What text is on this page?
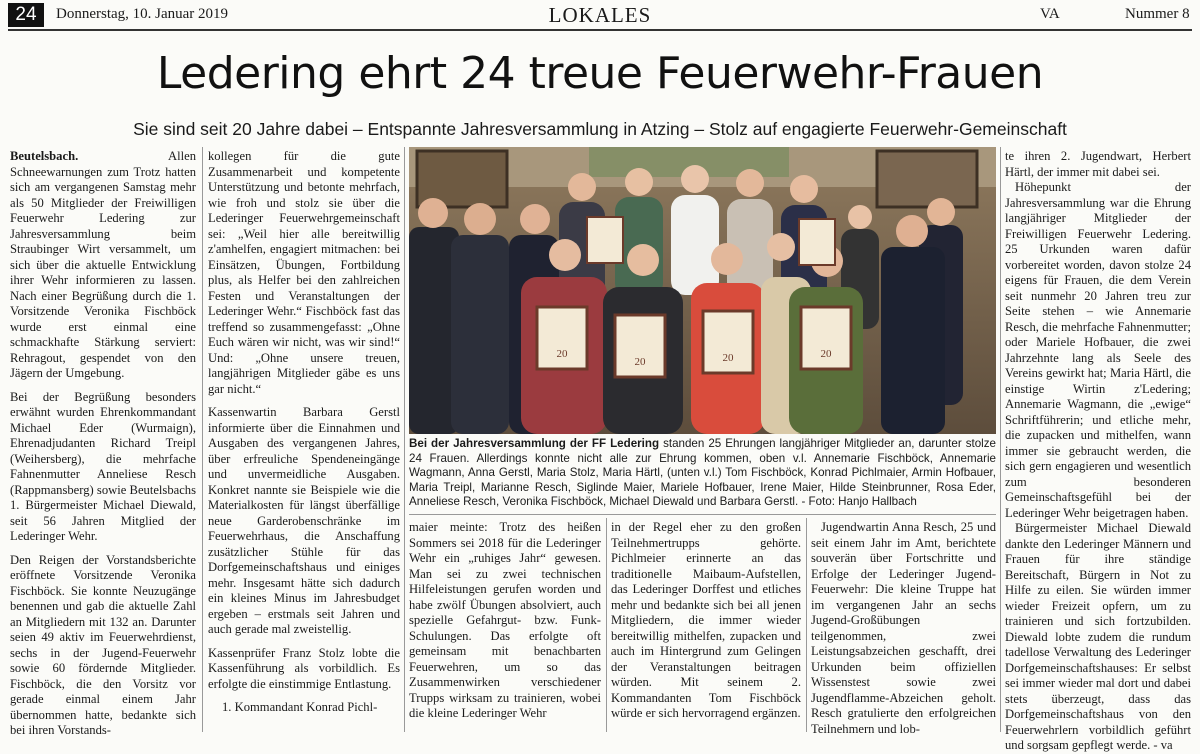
24	Donnerstag, 10. Januar 2019	LOKALES	VA	Nummer 8
Ledering ehrt 24 treue Feuerwehr-Frauen
Sie sind seit 20 Jahre dabei – Entspannte Jahresversammlung in Atzing – Stolz auf engagierte Feuerwehr-Gemeinschaft

Beutelsbach. Allen Schneewarnungen zum Trotz hatten sich am vergangenen Samstag mehr als 50 Mitglieder der Freiwilligen Feuerwehr Ledering zur Jahresversammlung beim Straubinger Wirt versammelt, um sich über die aktuelle Entwicklung ihrer Wehr informieren zu lassen. Nach einer Begrüßung durch die 1. Vorsitzende Veronika Fischböck wurde erst einmal eine schmackhafte Stärkung serviert: Rehragout, gespendet von den Jägern der Umgebung.

Bei der Begrüßung besonders erwähnt wurden Ehrenkommandant Michael Eder (Wurmaign), Ehrenadjudanten Richard Treipl (Weihersberg), die mehrfache Fahnenmutter Anneliese Resch (Rappmansberg) sowie Beutelsbachs 1. Bürgermeister Michael Diewald, seit 56 Jahren Mitglied der Lederinger Wehr.

Den Reigen der Vorstandsberichte eröffnete Vorsitzende Veronika Fischböck. Sie konnte Neuzugänge benennen und gab die aktuelle Zahl an Mitgliedern mit 132 an. Darunter seien 49 aktiv im Feuerwehrdienst, sechs in der Jugend-Feuerwehr sowie 60 fördernde Mitglieder. Fischböck, die den Vorsitz vor gerade einmal einem Jahr übernommen hatte, bedankte sich bei ihren Vorstands-

kollegen für die gute Zusammenarbeit und kompetente Unterstützung und betonte mehrfach, wie froh und stolz sie über die Lederinger Feuerwehrgemeinschaft sei: „Weil hier alle bereitwillig z'amhelfen, engagiert mitmachen: bei Einsätzen, Übungen, Fortbildung plus, als Helfer bei den zahlreichen Festen und Veranstaltungen der Lederinger Wehr.“ Fischböck fast das treffend so zusammengefasst: „Ohne Euch wären wir nicht, was wir sind!“ Und: „Ohne unsere treuen, langjährigen Mitglieder gäbe es uns gar nicht.“

Kassenwartin Barbara Gerstl informierte über die Einnahmen und Ausgaben des vergangenen Jahres, über erfreuliche Spendeneingänge und unvermeidliche Ausgaben. Konkret nannte sie Beispiele wie die Materialkosten für längst überfällige neue Garderobenschränke im Feuerwehrhaus, die Anschaffung zusätzlicher Stühle für das Dorfgemeinschaftshaus und einiges mehr. Insgesamt hätte sich dadurch ein kleines Minus im Jahresbudget ergeben – erstmals seit Jahren und auch gerade mal zweistellig.

Kassenprüfer Franz Stolz lobte die Kassenführung als vorbildlich. Es erfolgte die einstimmige Entlastung.

1. Kommandant Konrad Pichl-

20
20	20	20
Bei der Jahresversammlung der FF Ledering standen 25 Ehrungen langjähriger Mitglieder an, darunter stolze 24 Frauen. Allerdings konnte nicht alle zur Ehrung kommen, oben v.l. Annemarie Fischböck, Annemarie Wagmann, Anna Gerstl, Maria Stolz, Maria Härtl, (unten v.l.) Tom Fischböck, Konrad Pichlmaier, Armin Hofbauer, Maria Treipl, Marianne Resch, Siglinde Maier, Mariele Hofbauer, Irene Maier, Hilde Steinbrunner, Rosa Eder, Anneliese Resch, Veronika Fischböck, Michael Diewald und Barbara Gerstl. - Foto: Hanjo Hallbach

maier meinte: Trotz des heißen Sommers sei 2018 für die Lederinger Wehr ein „ruhiges Jahr“ gewesen. Man sei zu zwei technischen Hilfeleistungen gerufen worden und habe zwölf Übungen absolviert, auch spezielle Gefahrgut- bzw. Funk-Schulungen. Das erfolgte oft gemeinsam mit benachbarten Feuerwehren, um so das Zusammenwirken verschiedener Trupps wirksam zu trainieren, wobei die kleine Lederinger Wehr

in der Regel eher zu den großen Teilnehmertrupps gehörte. Pichlmeier erinnerte an das traditionelle Maibaum-Aufstellen, das Lederinger Dorffest und etliches mehr und bedankte sich bei all jenen Mitgliedern, die immer wieder bereitwillig mithelfen, zupacken und auch im Hintergrund zum Gelingen der Veranstaltungen beitragen würden. Mit seinem 2. Kommandanten Tom Fischböck würde er sich hervorragend ergänzen.

Jugendwartin Anna Resch, 25 und seit einem Jahr im Amt, berichtete souverän über Fortschritte und Erfolge der Lederinger Jugend-Feuerwehr: Die kleine Truppe hat im vergangenen Jahr an sechs Jugend-Großübungen teilgenommen, zwei Leistungsabzeichen geschafft, drei Urkunden beim offiziellen Wissenstest sowie zwei Jugendflamme-Abzeichen geholt. Resch gratulierte den erfolgreichen Teilnehmern und lob-

te ihren 2. Jugendwart, Herbert Härtl, der immer mit dabei sei.

Höhepunkt der Jahresversammlung war die Ehrung langjähriger Mitglieder der Freiwilligen Feuerwehr Ledering. 25 Urkunden waren dafür vorbereitet worden, davon stolze 24 eigens für Frauen, die dem Verein seit nunmehr 20 Jahren treu zur Seite stehen – wie Annemarie Resch, die mehrfache Fahnenmutter; oder Mariele Hofbauer, die zwei Jahrzehnte lang als Seele des Vereins gewirkt hat; Maria Härtl, die einstige Wirtin z'Ledering; Annemarie Wagmann, die „ewige“ Schriftführerin; und etliche mehr, die zupacken und mithelfen, wann immer sie gebraucht werden, die sich gern engagieren und wesentlich zum besonderen Gemeinschaftsgefühl bei der Lederinger Wehr beigetragen haben.

Bürgermeister Michael Diewald dankte den Lederinger Männern und Frauen für ihre ständige Bereitschaft, Bürgern in Not zu Hilfe zu eilen. Sie würden immer wieder Freizeit opfern, um zu trainieren und sich fortzubilden. Diewald lobte zudem die rundum tadellose Verwaltung des Lederinger Dorfgemeinschaftshauses: Er selbst sei immer wieder mal dort und dabei stets überzeugt, dass das Dorfgemeinschaftshaus von den Feuerwehrlern vorbildlich geführt und sorgsam gepflegt werde. - va
